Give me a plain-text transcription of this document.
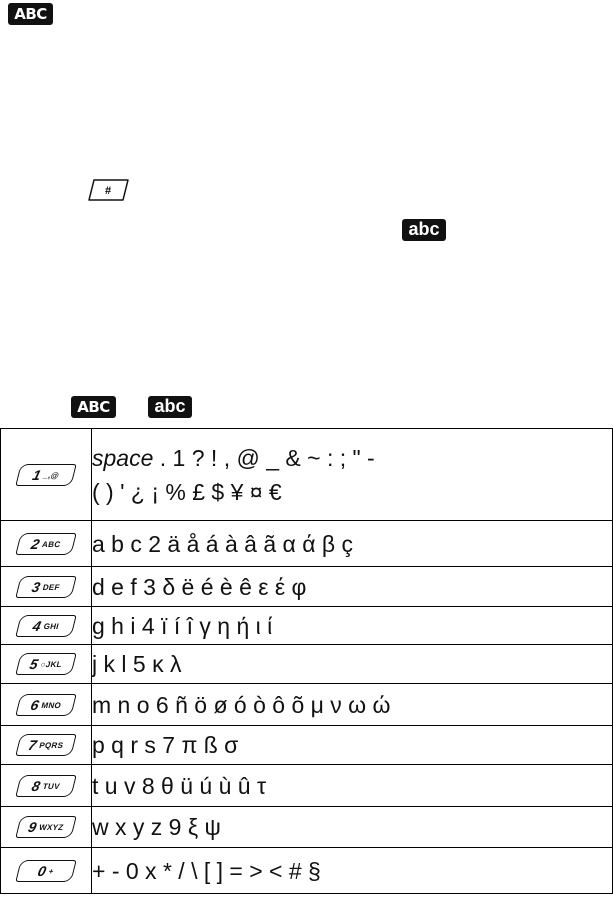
ABC
#
abc
ABC	abc
1 _,@	space . 1 ? ! , @ _ & ~ : ; " -
( ) ' ¿ ¡ % £ $ ¥ ¤ €

2 ABC	a b c 2 ä å á à â ã α ά β ç

3 DEF	d e f 3 δ ë é è ê ε έ φ

4 GHI	g h i 4 ï í î γ η ή ι ί

5 ○JKL	j k l 5 κ λ

6 MNO	m n o 6 ñ ö ø ó ò ô õ μ ν ω ώ

7 PQRS	p q r s 7 π ß σ

8 TUV	t u v 8 θ ü ú ù û τ

9 WXYZ	w x y z 9 ξ ψ

0 +	+ - 0 x * / \ [ ] = > < # §
